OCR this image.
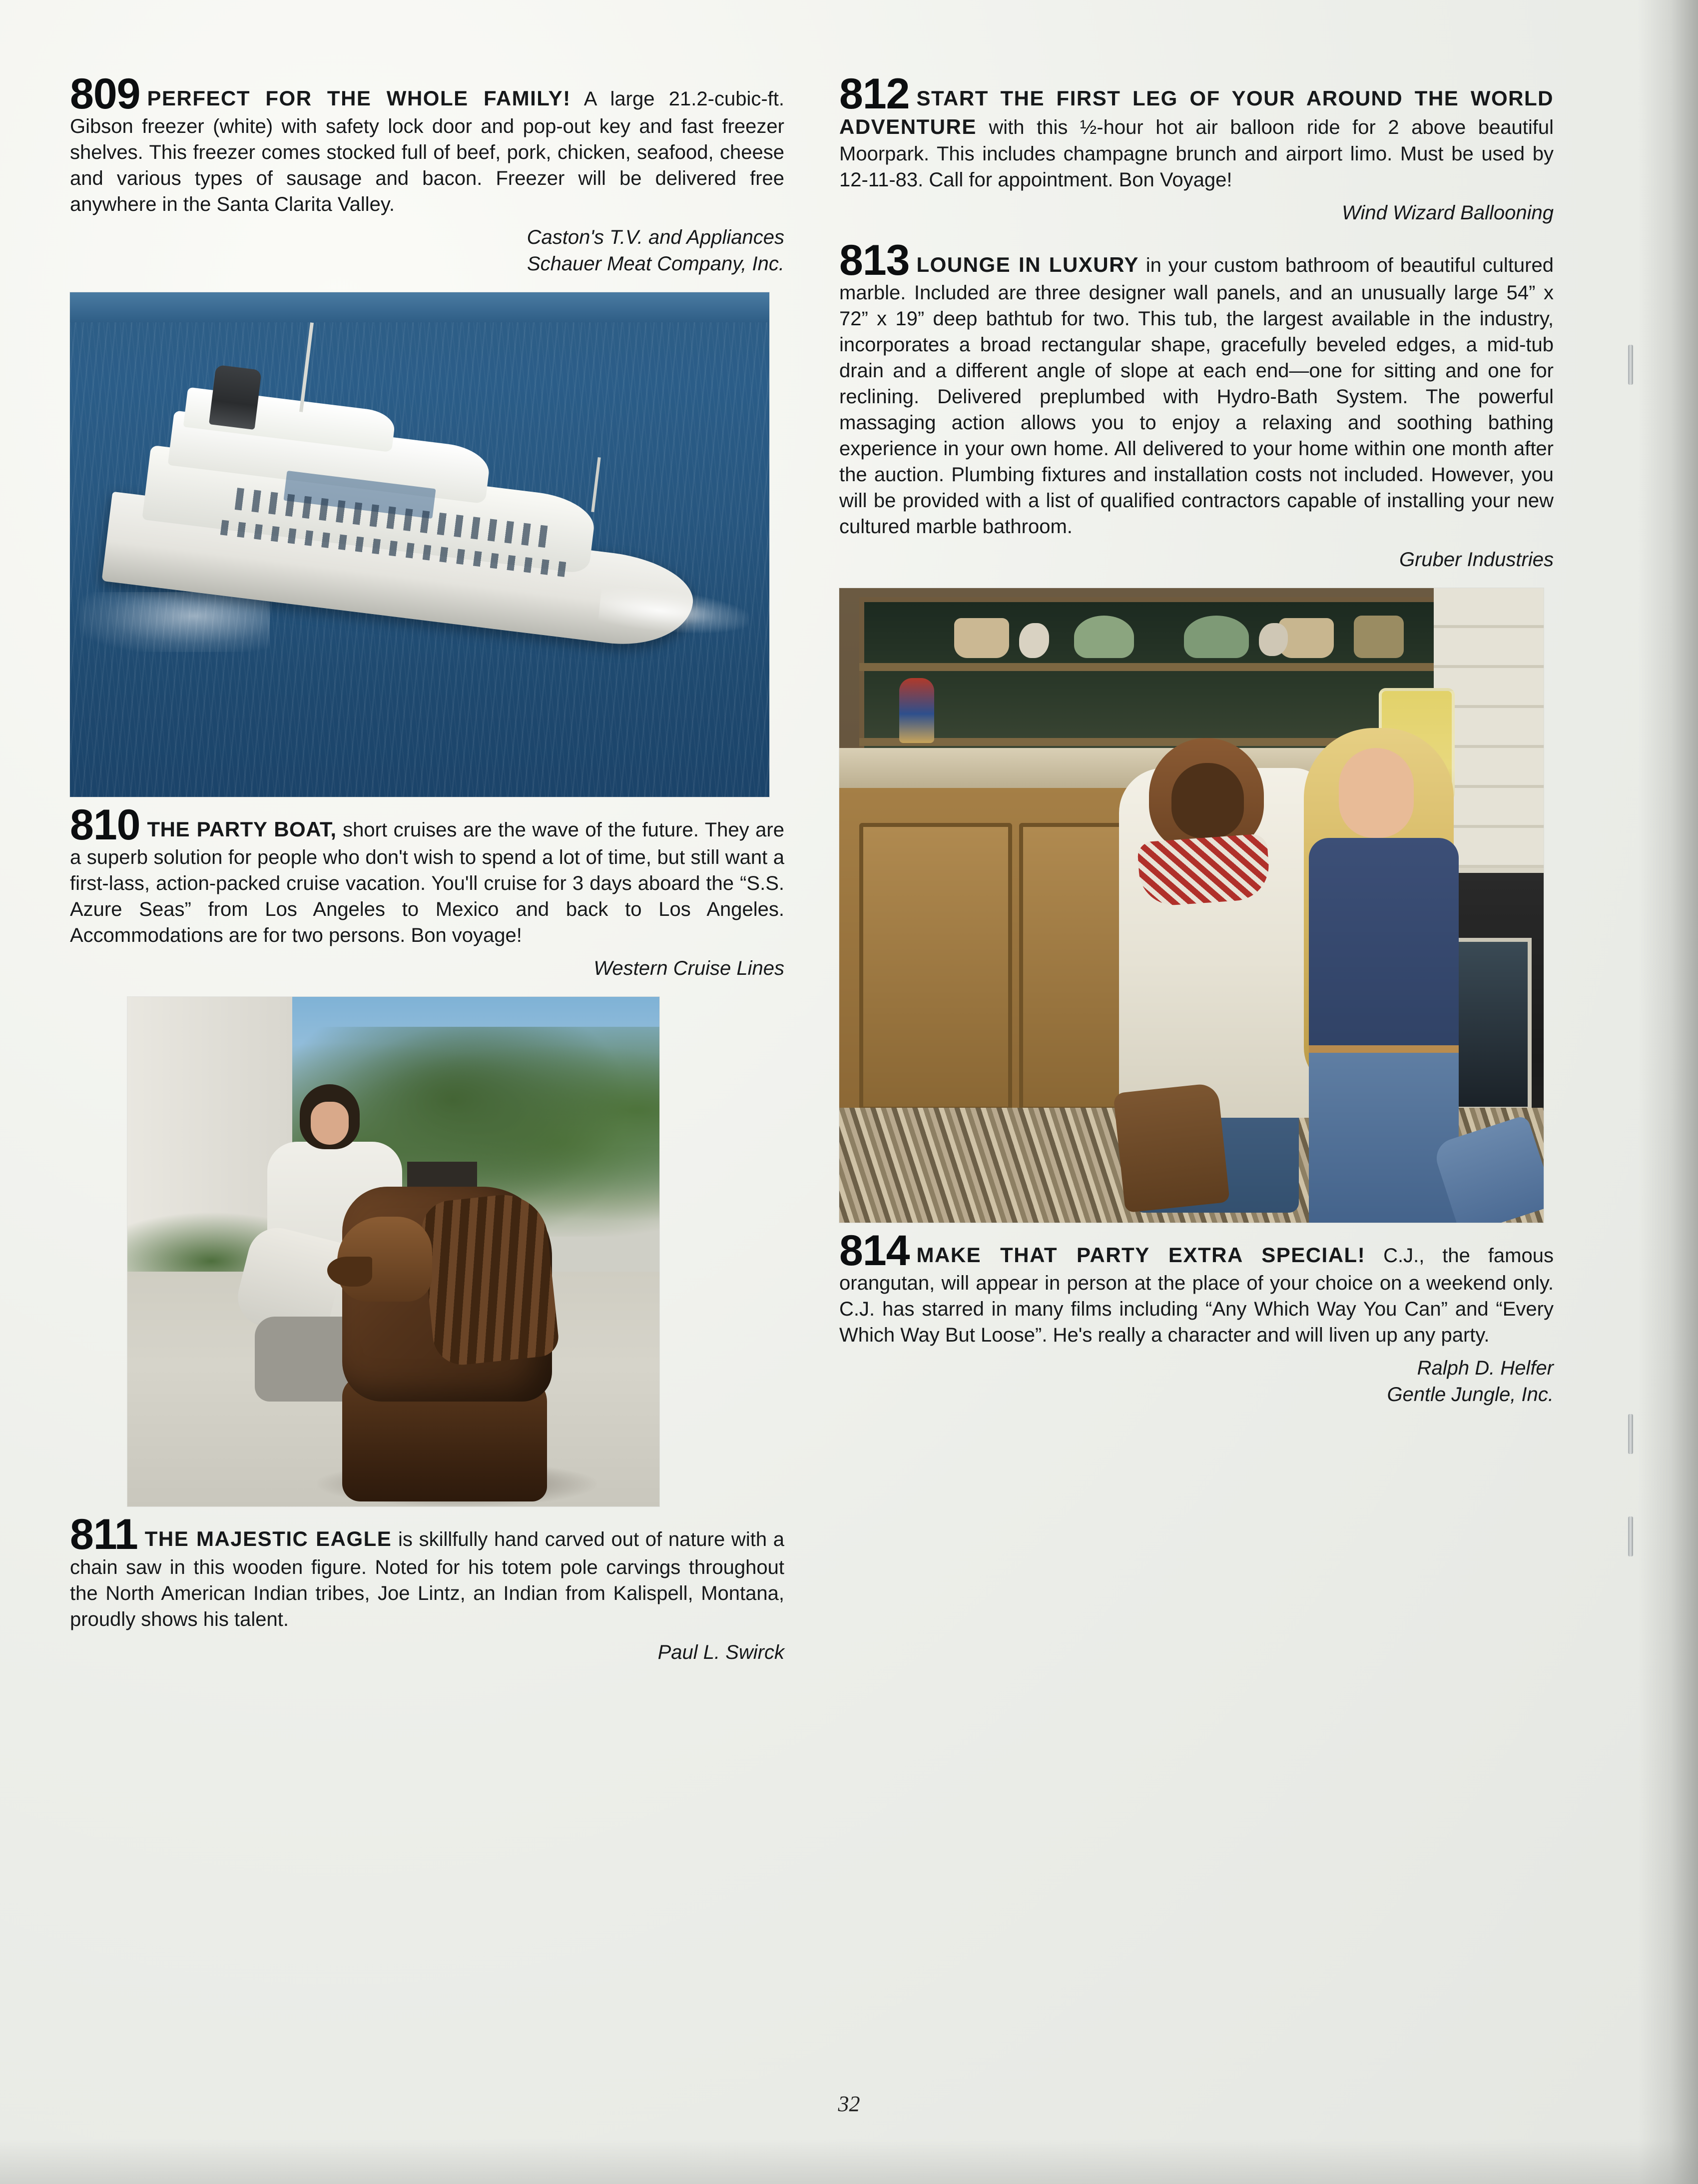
809 PERFECT FOR THE WHOLE FAMILY! A large 21.2-cubic-ft. Gibson freezer (white) with safety lock door and pop-out key and fast freezer shelves. This freezer comes stocked full of beef, pork, chicken, seafood, cheese and various types of sausage and bacon. Freezer will be delivered free anywhere in the Santa Clarita Valley.

Caston's T.V. and Appliances
Schauer Meat Company, Inc.

810 THE PARTY BOAT, short cruises are the wave of the future. They are a superb solution for people who don't wish to spend a lot of time, but still want a first-lass, action-packed cruise vacation. You'll cruise for 3 days aboard the “S.S. Azure Seas” from Los Angeles to Mexico and back to Los Angeles. Accommodations are for two persons. Bon voyage!

Western Cruise Lines

811 THE MAJESTIC EAGLE is skillfully hand carved out of nature with a chain saw in this wooden figure. Noted for his totem pole carvings throughout the North American Indian tribes, Joe Lintz, an Indian from Kalispell, Montana, proudly shows his talent.

Paul L. Swirck

812 START THE FIRST LEG OF YOUR AROUND THE WORLD ADVENTURE with this ½-hour hot air balloon ride for 2 above beautiful Moorpark. This includes champagne brunch and airport limo. Must be used by 12-11-83. Call for appointment. Bon Voyage!

Wind Wizard Ballooning

813 LOUNGE IN LUXURY in your custom bathroom of beautiful cultured marble. Included are three designer wall panels, and an unusually large 54” x 72” x 19” deep bathtub for two. This tub, the largest available in the industry, incorporates a broad rectangular shape, gracefully beveled edges, a mid-tub drain and a different angle of slope at each end—one for sitting and one for reclining. Delivered preplumbed with Hydro-Bath System. The powerful massaging action allows you to enjoy a relaxing and soothing bathing experience in your own home. All delivered to your home within one month after the auction. Plumbing fixtures and installation costs not included. However, you will be provided with a list of qualified contractors capable of installing your new cultured marble bathroom.

Gruber Industries

814 MAKE THAT PARTY EXTRA SPECIAL! C.J., the famous orangutan, will appear in person at the place of your choice on a weekend only. C.J. has starred in many films including “Any Which Way You Can” and “Every Which Way But Loose”. He's really a character and will liven up any party.

Ralph D. Helfer
Gentle Jungle, Inc.
32
